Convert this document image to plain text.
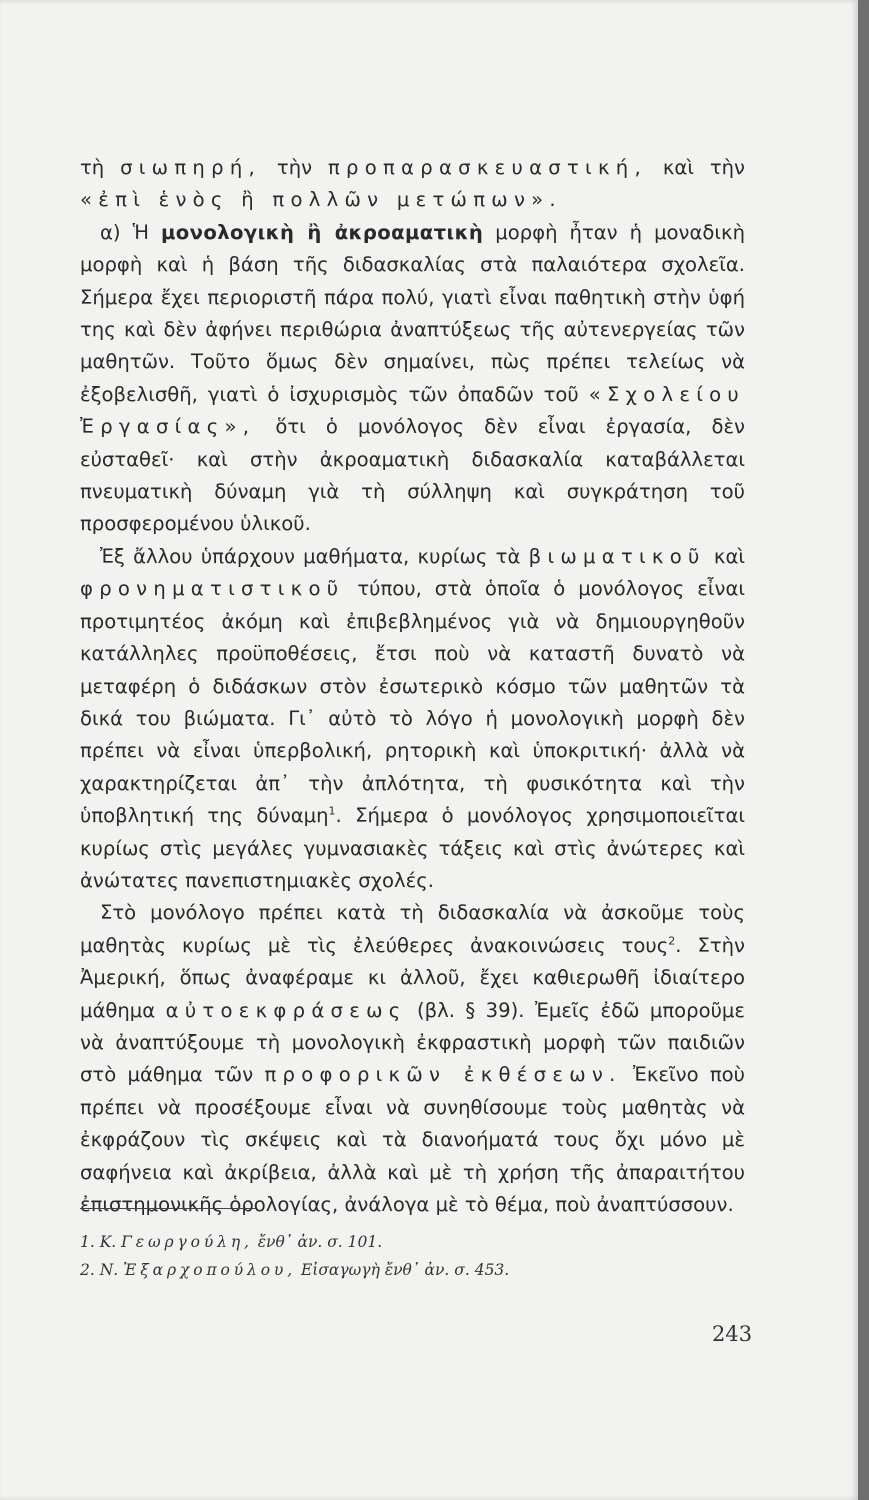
τὴ σιωπηρή, τὴν προπαρασκευαστική, καὶ τὴν «ἐπὶ ἑνὸς ἢ πολλῶν μετώπων».

α) Ἡ μονολογικὴ ἢ ἀκροαματικὴ μορφὴ ἦταν ἡ μοναδικὴ μορφὴ καὶ ἡ βάση τῆς διδασκαλίας στὰ παλαιότερα σχολεῖα. Σήμερα ἔχει περιοριστῆ πάρα πολύ, γιατὶ εἶναι παθητικὴ στὴν ὑφή της καὶ δὲν ἀφήνει περιθώρια ἀναπτύξεως τῆς αὐτενεργείας τῶν μαθητῶν. Τοῦτο ὅμως δὲν σημαίνει, πὼς πρέπει τελείως νὰ ἐξοβελισθῆ, γιατὶ ὁ ἰσχυρισμὸς τῶν ὀπαδῶν τοῦ «Σχολείου Ἐργασίας», ὅτι ὁ μονόλογος δὲν εἶναι ἐργασία, δὲν εὐσταθεῖ· καὶ στὴν ἀκροαματικὴ διδασκαλία καταβάλλεται πνευματικὴ δύναμη γιὰ τὴ σύλληψη καὶ συγκράτηση τοῦ προσφερομένου ὑλικοῦ.

Ἐξ ἄλλου ὑπάρχουν μαθήματα, κυρίως τὰ βιωματικοῦ καὶ φρονηματιστικοῦ τύπου, στὰ ὁποῖα ὁ μονόλογος εἶναι προτιμητέος ἀκόμη καὶ ἐπιβεβλημένος γιὰ νὰ δημιουργηθοῦν κατάλληλες προϋποθέσεις, ἔτσι ποὺ νὰ καταστῆ δυνατὸ νὰ μεταφέρη ὁ διδάσκων στὸν ἐσωτερικὸ κόσμο τῶν μαθητῶν τὰ δικά του βιώματα. Γι᾿ αὐτὸ τὸ λόγο ἡ μονολογικὴ μορφὴ δὲν πρέπει νὰ εἶναι ὑπερβολική, ρητορικὴ καὶ ὑποκριτική· ἀλλὰ νὰ χαρακτηρίζεται ἀπ᾿ τὴν ἀπλότητα, τὴ φυσικότητα καὶ τὴν ὑποβλητική της δύναμη$^1$. Σήμερα ὁ μονόλογος χρησιμοποιεῖται κυρίως στὶς μεγάλες γυμνασιακὲς τάξεις καὶ στὶς ἀνώτερες καὶ ἀνώτατες πανεπιστημιακὲς σχολές.

Στὸ μονόλογο πρέπει κατὰ τὴ διδασκαλία νὰ ἀσκοῦμε τοὺς μαθητὰς κυρίως μὲ τὶς ἐλεύθερες ἀνακοινώσεις τους$^2$. Στὴν Ἀμερική, ὅπως ἀναφέραμε κι ἀλλοῦ, ἔχει καθιερωθῆ ἰδιαίτερο μάθημα αὐτοεκφράσεως (βλ. § 39). Ἐμεῖς ἐδῶ μποροῦμε νὰ ἀναπτύξουμε τὴ μονολογικὴ ἐκφραστικὴ μορφὴ τῶν παιδιῶν στὸ μάθημα τῶν προφορικῶν ἐκθέσεων. Ἐκεῖνο ποὺ πρέπει νὰ προσέξουμε εἶναι νὰ συνηθίσουμε τοὺς μαθητὰς νὰ ἐκφράζουν τὶς σκέψεις καὶ τὰ διανοήματά τους ὄχι μόνο μὲ σαφήνεια καὶ ἀκρίβεια, ἀλλὰ καὶ μὲ τὴ χρήση τῆς ἀπαραιτήτου ἐπιστημονικῆς ὁρολογίας, ἀνάλογα μὲ τὸ θέμα, ποὺ ἀναπτύσσουν.

1. Κ. Γεωργούλη, ἔνθ᾿ ἀν. σ. 101.

2. Ν. Ἐξαρχοπούλου, Εἰσαγωγὴ ἔνθ᾿ ἀν. σ. 453.

243
